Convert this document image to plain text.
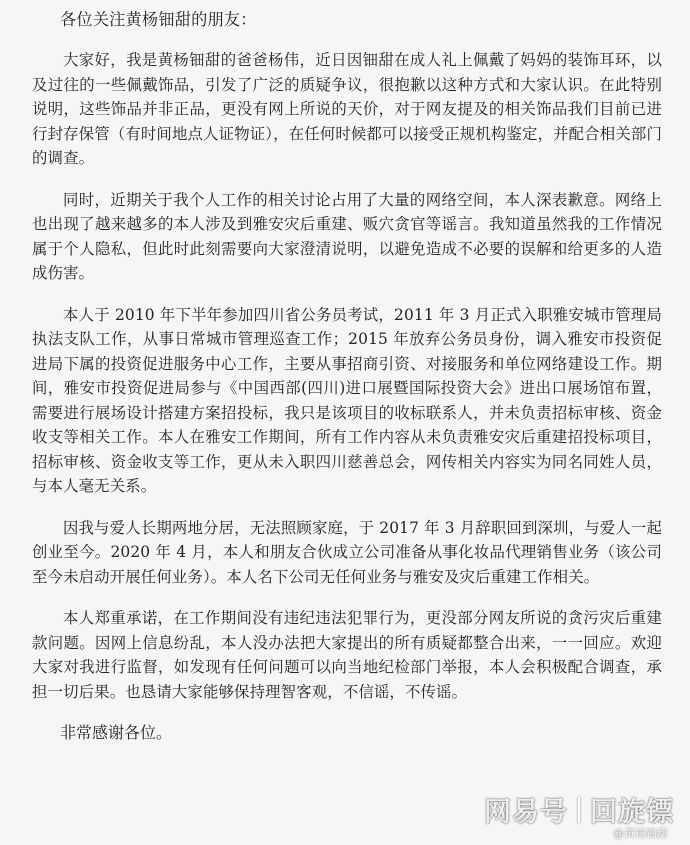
各位关注黄杨钿甜的朋友：

大家好，我是黄杨钿甜的爸爸杨伟，近日因钿甜在成人礼上佩戴了妈妈的装饰耳环，以及过往的一些佩戴饰品，引发了广泛的质疑争议，很抱歉以这种方式和大家认识。在此特别说明，这些饰品并非正品，更没有网上所说的天价，对于网友提及的相关饰品我们目前已进行封存保管（有时间地点人证物证），在任何时候都可以接受正规机构鉴定，并配合相关部门的调查。

同时，近期关于我个人工作的相关讨论占用了大量的网络空间，本人深表歉意。网络上也出现了越来越多的本人涉及到雅安灾后重建、贩穴贪官等谣言。我知道虽然我的工作情况属于个人隐私，但此时此刻需要向大家澄清说明，以避免造成不必要的误解和给更多的人造成伤害。

本人于 2010 年下半年参加四川省公务员考试，2011 年 3 月正式入职雅安城市管理局执法支队工作，从事日常城市管理巡查工作；2015 年放弃公务员身份，调入雅安市投资促进局下属的投资促进服务中心工作，主要从事招商引资、对接服务和单位网络建设工作。期间，雅安市投资促进局参与《中国西部(四川)进口展暨国际投资大会》进出口展场馆布置，需要进行展场设计搭建方案招投标，我只是该项目的收标联系人，并未负责招标审核、资金收支等相关工作。本人在雅安工作期间，所有工作内容从未负责雅安灾后重建招投标项目，招标审核、资金收支等工作，更从未入职四川慈善总会，网传相关内容实为同名同姓人员，与本人毫无关系。

因我与爱人长期两地分居，无法照顾家庭，于 2017 年 3 月辞职回到深圳，与爱人一起创业至今。2020 年 4 月，本人和朋友合伙成立公司准备从事化妆品代理销售业务（该公司至今未启动开展任何业务）。本人名下公司无任何业务与雅安及灾后重建工作相关。

本人郑重承诺，在工作期间没有违纪违法犯罪行为，更没部分网友所说的贪污灾后重建款问题。因网上信息纷乱，本人没办法把大家提出的所有质疑都整合出来，一一回应。欢迎大家对我进行监督，如发现有任何问题可以向当地纪检部门举报，本人会积极配合调查，承担一切后果。也恳请大家能够保持理智客观，不信谣，不传谣。

非常感谢各位。
网易号 回旋镖
@黄杨钿甜
